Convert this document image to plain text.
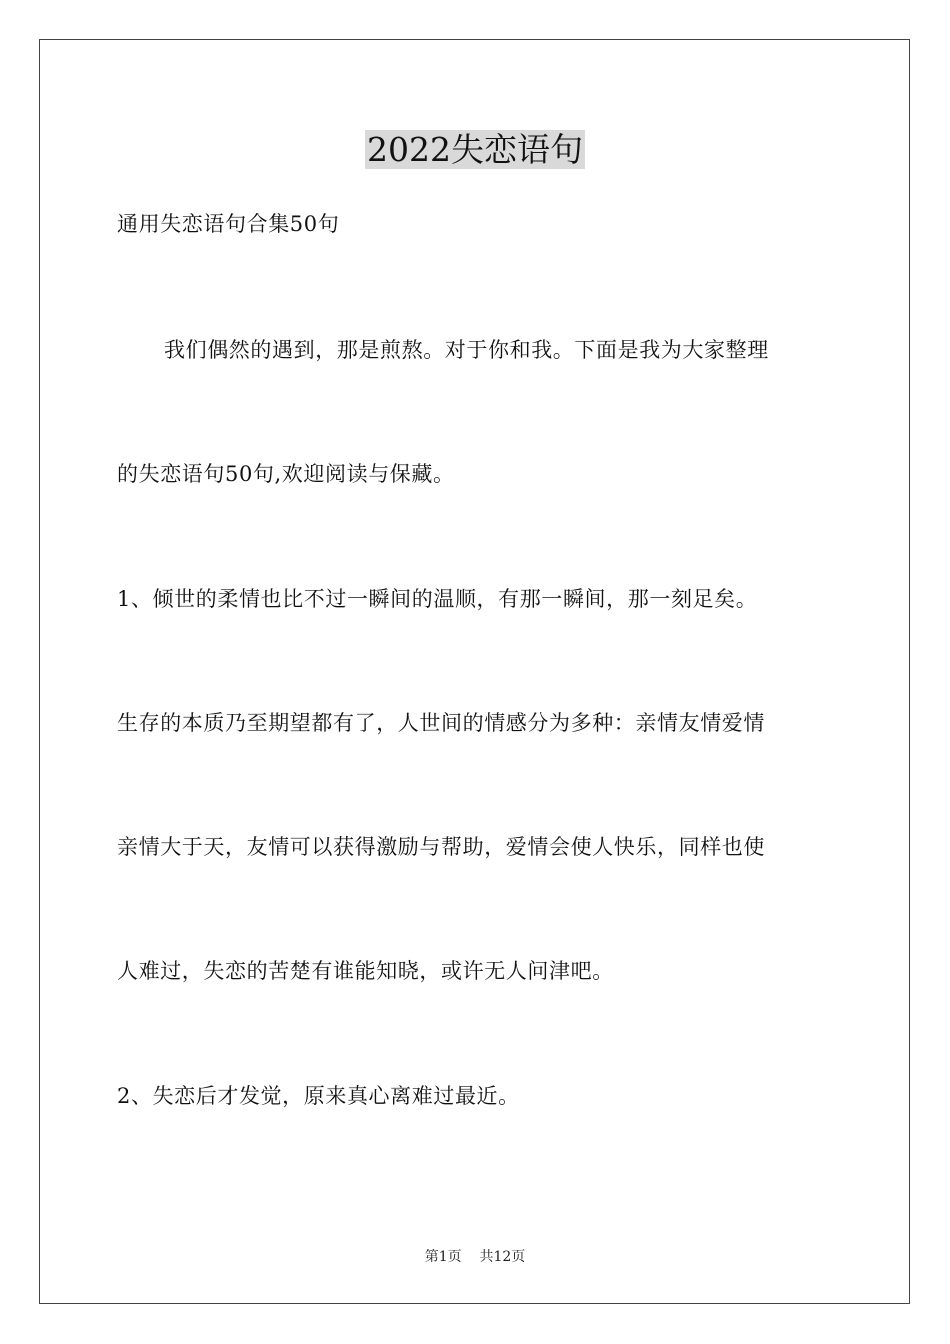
2022失恋语句

通用失恋语句合集50句

我们偶然的遇到，那是煎熬。对于你和我。下面是我为大家整理

的失恋语句50句,欢迎阅读与保藏。

1、倾世的柔情也比不过一瞬间的温顺，有那一瞬间，那一刻足矣。

生存的本质乃至期望都有了，人世间的情感分为多种：亲情友情爱情

亲情大于天，友情可以获得激励与帮助，爱情会使人快乐，同样也使

人难过，失恋的苦楚有谁能知晓，或许无人问津吧。

2、失恋后才发觉，原来真心离难过最近。

第1页    共12页
